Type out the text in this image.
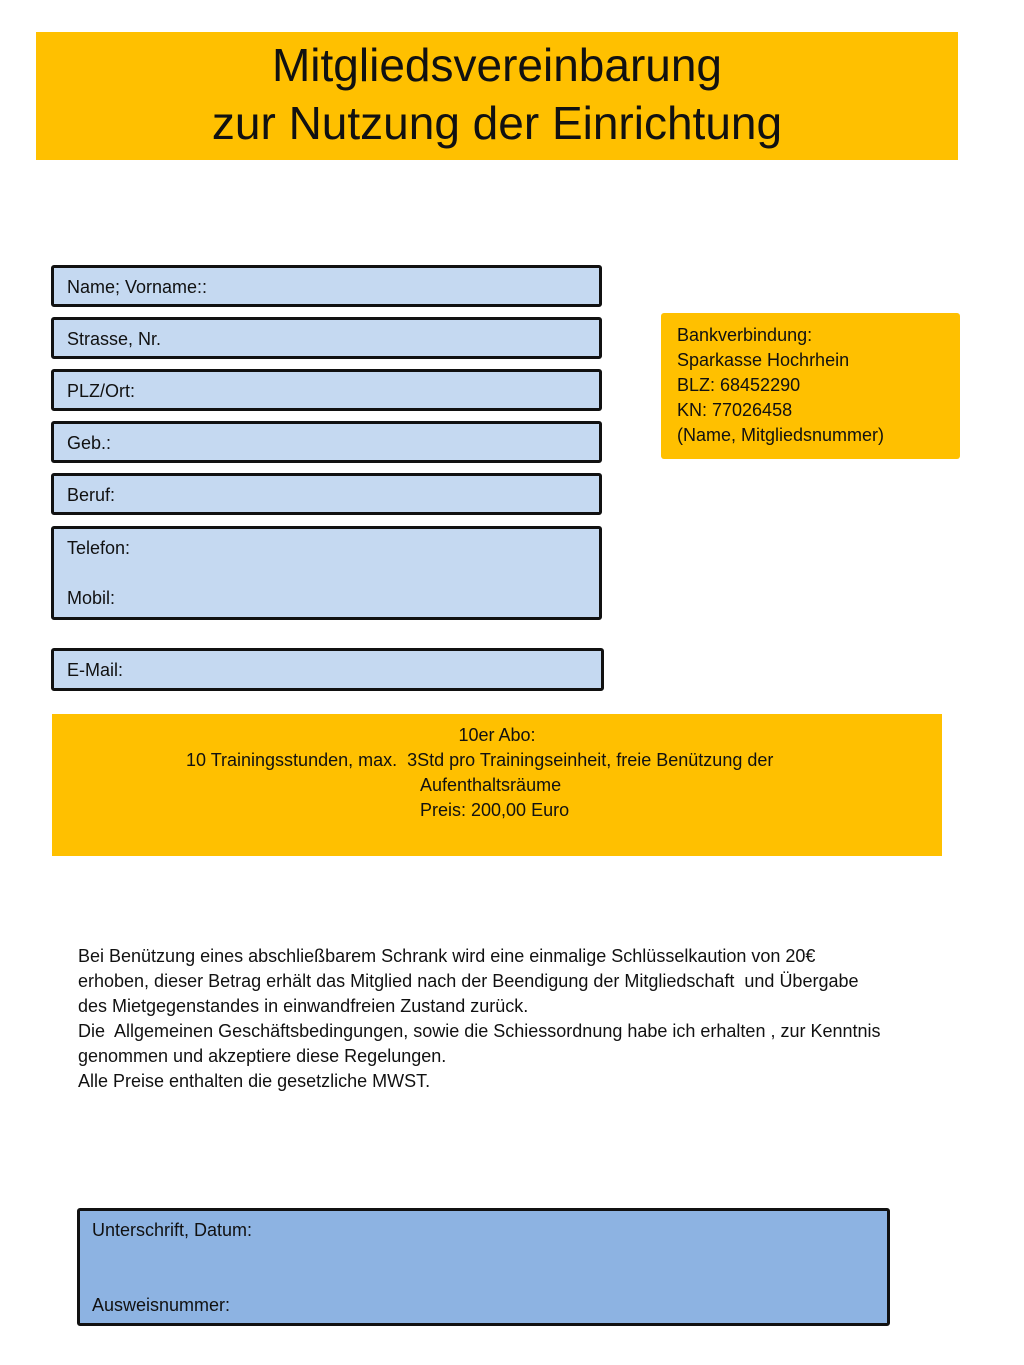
Mitgliedsvereinbarung
zur Nutzung der Einrichtung
Name; Vorname::
Strasse, Nr.
PLZ/Ort:
Geb.:
Beruf:
Telefon:
Mobil:
E-Mail:
Bankverbindung:
Sparkasse Hochrhein
BLZ: 68452290
KN: 77026458
(Name, Mitgliedsnummer)
10er Abo:
10 Trainingsstunden, max.  3Std pro Trainingseinheit, freie Benützung der
Aufenthaltsräume
Preis: 200,00 Euro
Bei Benützung eines abschließbarem Schrank wird eine einmalige Schlüsselkaution von 20€
erhoben, dieser Betrag erhält das Mitglied nach der Beendigung der Mitgliedschaft  und Übergabe
des Mietgegenstandes in einwandfreien Zustand zurück.
Die  Allgemeinen Geschäftsbedingungen, sowie die Schiessordnung habe ich erhalten , zur Kenntnis
genommen und akzeptiere diese Regelungen.
Alle Preise enthalten die gesetzliche MWST.
Unterschrift, Datum:
Ausweisnummer:
